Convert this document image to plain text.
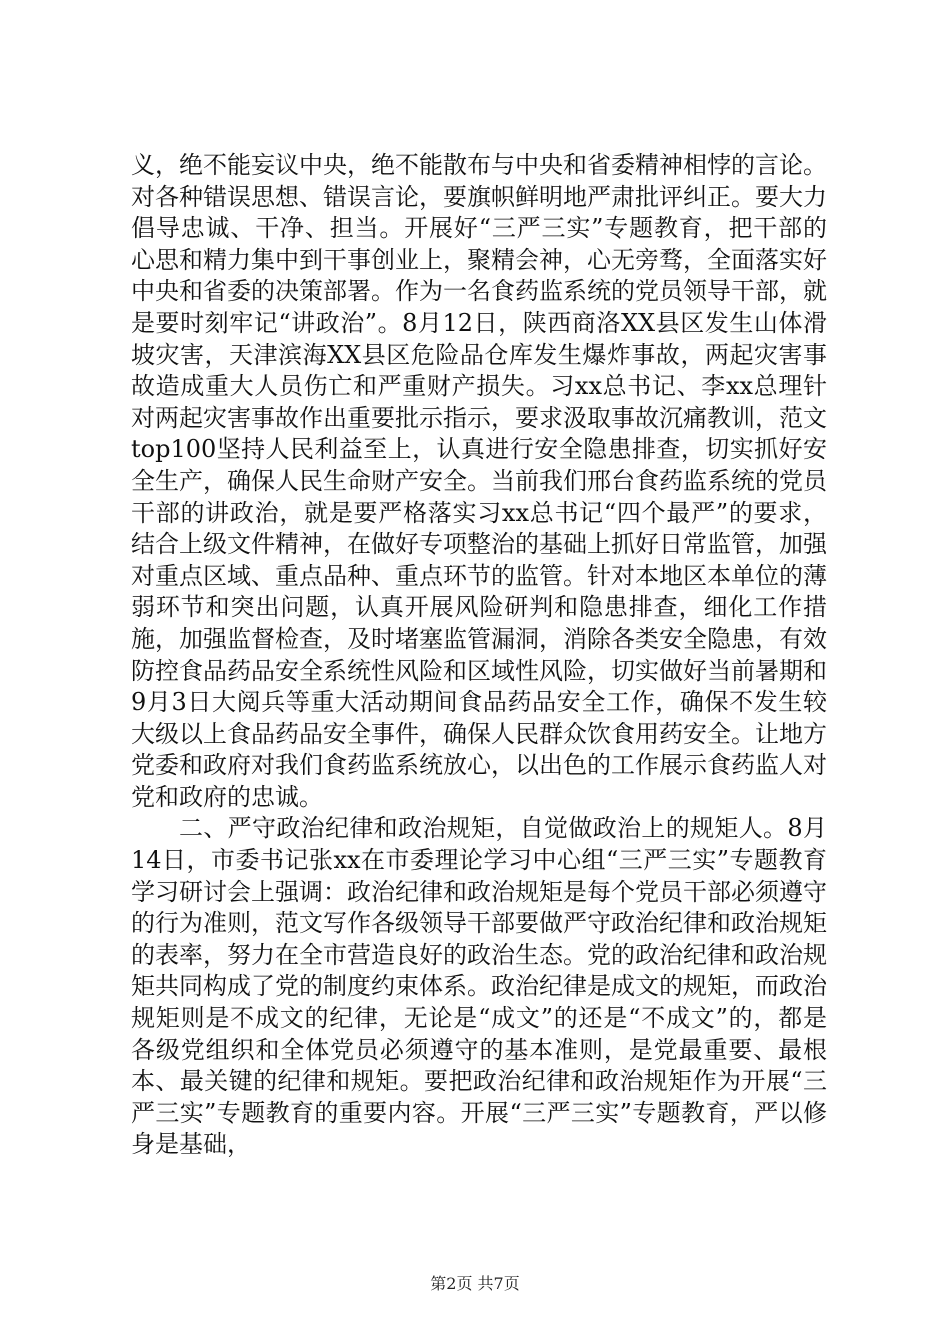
义，绝不能妄议中央，绝不能散布与中央和省委精神相悖的言论。对各种错误思想、错误言论，要旗帜鲜明地严肃批评纠正。要大力倡导忠诚、干净、担当。开展好“三严三实”专题教育，把干部的心思和精力集中到干事创业上，聚精会神，心无旁骛，全面落实好中央和省委的决策部署。作为一名食药监系统的党员领导干部，就是要时刻牢记“讲政治”。8月12日，陕西商洛XX县区发生山体滑坡灾害，天津滨海XX县区危险品仓库发生爆炸事故，两起灾害事故造成重大人员伤亡和严重财产损失。习xx总书记、李xx总理针对两起灾害事故作出重要批示指示，要求汲取事故沉痛教训，范文top100坚持人民利益至上，认真进行安全隐患排查，切实抓好安全生产，确保人民生命财产安全。当前我们邢台食药监系统的党员干部的讲政治，就是要严格落实习xx总书记“四个最严”的要求，结合上级文件精神，在做好专项整治的基础上抓好日常监管，加强对重点区域、重点品种、重点环节的监管。针对本地区本单位的薄弱环节和突出问题，认真开展风险研判和隐患排查，细化工作措施，加强监督检查，及时堵塞监管漏洞，消除各类安全隐患，有效防控食品药品安全系统性风险和区域性风险，切实做好当前暑期和9月3日大阅兵等重大活动期间食品药品安全工作，确保不发生较大级以上食品药品安全事件，确保人民群众饮食用药安全。让地方党委和政府对我们食药监系统放心，以出色的工作展示食药监人对党和政府的忠诚。

二、严守政治纪律和政治规矩，自觉做政治上的规矩人。8月14日，市委书记张xx在市委理论学习中心组“三严三实”专题教育学习研讨会上强调：政治纪律和政治规矩是每个党员干部必须遵守的行为准则，范文写作各级领导干部要做严守政治纪律和政治规矩的表率，努力在全市营造良好的政治生态。党的政治纪律和政治规矩共同构成了党的制度约束体系。政治纪律是成文的规矩，而政治规矩则是不成文的纪律，无论是“成文”的还是“不成文”的，都是各级党组织和全体党员必须遵守的基本准则，是党最重要、最根本、最关键的纪律和规矩。要把政治纪律和政治规矩作为开展“三严三实”专题教育的重要内容。开展“三严三实”专题教育，严以修身是基础，

第2页 共7页
